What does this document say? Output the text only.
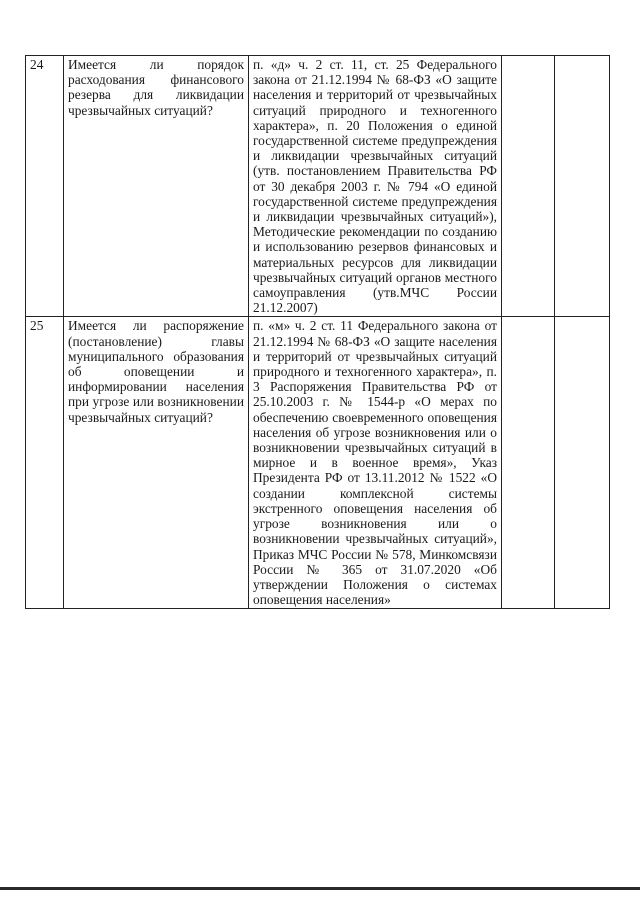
24	Имеется ли порядок расходования финансового резерва для ликвидации чрезвычайных ситуаций?	п. «д» ч. 2 ст. 11, ст. 25 Федерального закона от 21.12.1994 № 68-ФЗ «О защите населения и территорий от чрезвычайных ситуаций природного и техногенного характера», п. 20 Положения о единой государственной системе предупреждения и ликвидации чрезвычайных ситуаций (утв. постановлением Правительства РФ от 30 декабря 2003 г. № 794 «О единой государственной системе предупреждения и ликвидации чрезвычайных ситуаций»), Методические рекомендации по созданию и использованию резервов финансовых и материальных ресурсов для ликвидации чрезвычайных ситуаций органов местного самоуправления (утв.МЧС России 21.12.2007)		
25	Имеется ли распоряжение (постановление) главы муниципального образования об оповещении и информировании населения при угрозе или возникновении чрезвычайных ситуаций?	п. «м» ч. 2 ст. 11 Федерального закона от 21.12.1994 № 68-ФЗ «О защите населения и территорий от чрезвычайных ситуаций природного и техногенного характера», п. 3 Распоряжения Правительства РФ от 25.10.2003 г. № 1544-р «О мерах по обеспечению своевременного оповещения населения об угрозе возникновения или о возникновении чрезвычайных ситуаций в мирное и в военное время», Указ Президента РФ от 13.11.2012 № 1522 «О создании комплексной системы экстренного оповещения населения об угрозе возникновения или о возникновении чрезвычайных ситуаций», Приказ МЧС России № 578, Минкомсвязи России № 365 от 31.07.2020 «Об утверждении Положения о системах оповещения населения»		
